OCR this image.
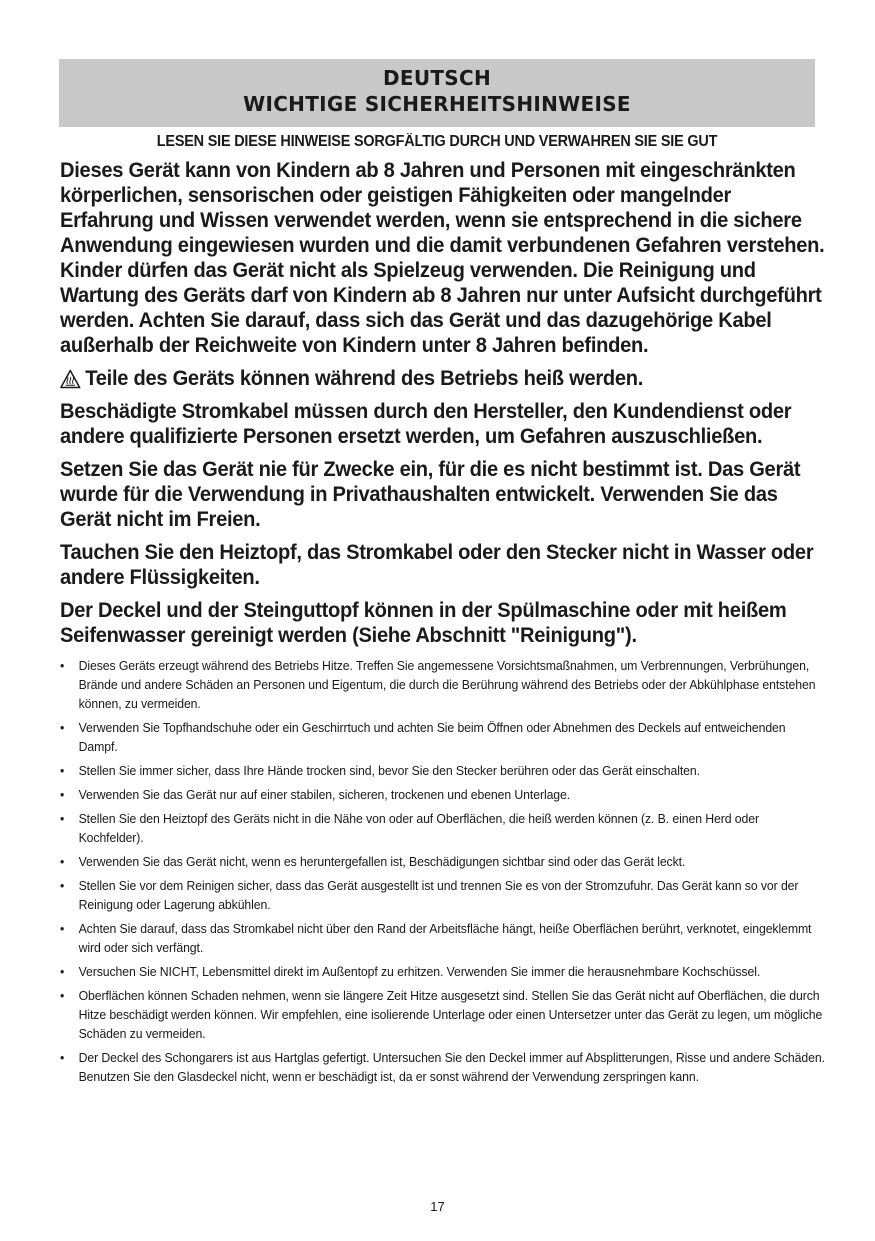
DEUTSCH
WICHTIGE SICHERHEITSHINWEISE
LESEN SIE DIESE HINWEISE SORGFÄLTIG DURCH UND VERWAHREN SIE SIE GUT

Dieses Gerät kann von Kindern ab 8 Jahren und Personen mit eingeschränkten körperlichen, sensorischen oder geistigen Fähigkeiten oder mangelnder Erfahrung und Wissen verwendet werden, wenn sie entsprechend in die sichere Anwendung eingewiesen wurden und die damit verbundenen Gefahren verstehen. Kinder dürfen das Gerät nicht als Spielzeug verwenden. Die Reinigung und Wartung des Geräts darf von Kindern ab 8 Jahren nur unter Aufsicht durchgeführt werden. Achten Sie darauf, dass sich das Gerät und das dazugehörige Kabel außerhalb der Reichweite von Kindern unter 8 Jahren befinden.

Teile des Geräts können während des Betriebs heiß werden.

Beschädigte Stromkabel müssen durch den Hersteller, den Kundendienst oder andere qualifizierte Personen ersetzt werden, um Gefahren auszuschließen.

Setzen Sie das Gerät nie für Zwecke ein, für die es nicht bestimmt ist. Das Gerät wurde für die Verwendung in Privathaushalten entwickelt. Verwenden Sie das Gerät nicht im Freien.

Tauchen Sie den Heiztopf, das Stromkabel oder den Stecker nicht in Wasser oder andere Flüssigkeiten.

Der Deckel und der Steinguttopf können in der Spülmaschine oder mit heißem Seifenwasser gereinigt werden (Siehe Abschnitt "Reinigung").

• Dieses Geräts erzeugt während des Betriebs Hitze. Treffen Sie angemessene Vorsichtsmaßnahmen, um Verbrennungen, Verbrühungen, Brände und andere Schäden an Personen und Eigentum, die durch die Berührung während des Betriebs oder der Abkühlphase entstehen können, zu vermeiden.
• Verwenden Sie Topfhandschuhe oder ein Geschirrtuch und achten Sie beim Öffnen oder Abnehmen des Deckels auf entweichenden Dampf.
• Stellen Sie immer sicher, dass Ihre Hände trocken sind, bevor Sie den Stecker berühren oder das Gerät einschalten.
• Verwenden Sie das Gerät nur auf einer stabilen, sicheren, trockenen und ebenen Unterlage.
• Stellen Sie den Heiztopf des Geräts nicht in die Nähe von oder auf Oberflächen, die heiß werden können (z. B. einen Herd oder Kochfelder).
• Verwenden Sie das Gerät nicht, wenn es heruntergefallen ist, Beschädigungen sichtbar sind oder das Gerät leckt.
• Stellen Sie vor dem Reinigen sicher, dass das Gerät ausgestellt ist und trennen Sie es von der Stromzufuhr. Das Gerät kann so vor der Reinigung oder Lagerung abkühlen.
• Achten Sie darauf, dass das Stromkabel nicht über den Rand der Arbeitsfläche hängt, heiße Oberflächen berührt, verknotet, eingeklemmt wird oder sich verfängt.
• Versuchen Sie NICHT, Lebensmittel direkt im Außentopf zu erhitzen. Verwenden Sie immer die herausnehmbare Kochschüssel.
• Oberflächen können Schaden nehmen, wenn sie längere Zeit Hitze ausgesetzt sind. Stellen Sie das Gerät nicht auf Oberflächen, die durch Hitze beschädigt werden können. Wir empfehlen, eine isolierende Unterlage oder einen Untersetzer unter das Gerät zu legen, um mögliche Schäden zu vermeiden.
• Der Deckel des Schongarers ist aus Hartglas gefertigt. Untersuchen Sie den Deckel immer auf Absplitterungen, Risse und andere Schäden. Benutzen Sie den Glasdeckel nicht, wenn er beschädigt ist, da er sonst während der Verwendung zerspringen kann.
17
